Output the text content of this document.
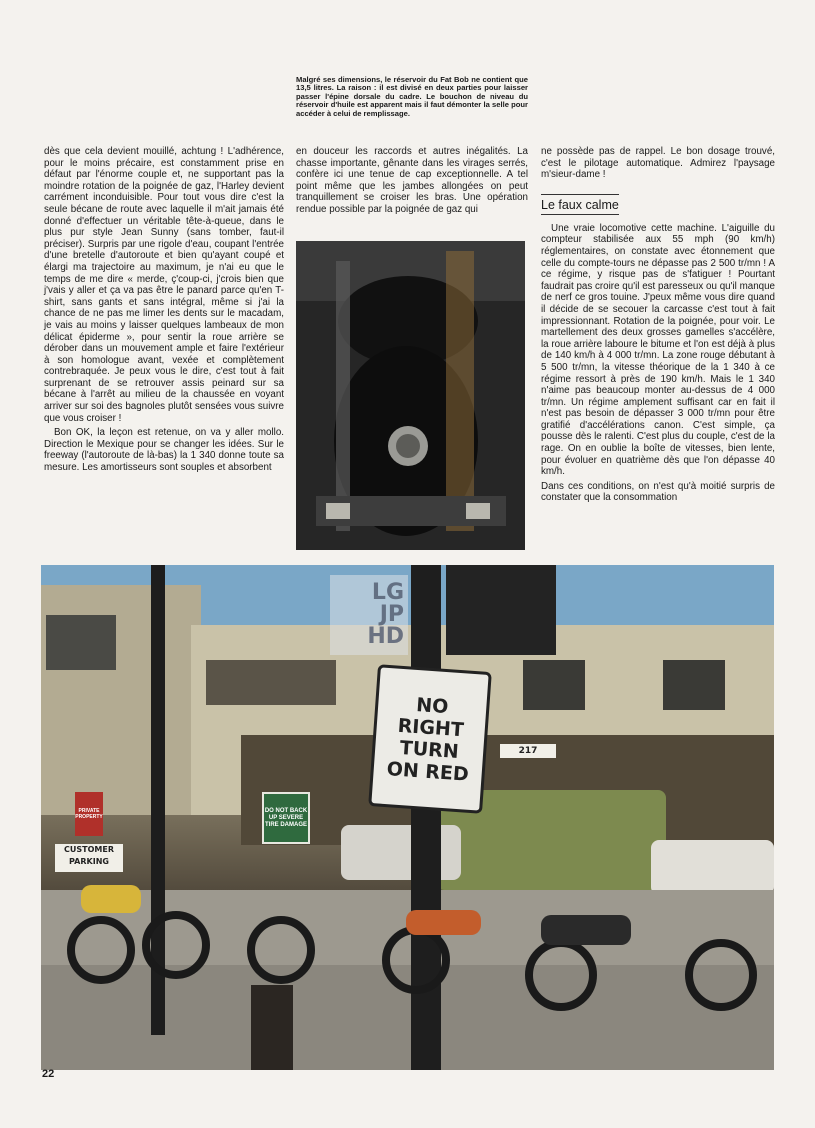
Malgré ses dimensions, le réservoir du Fat Bob ne contient que 13,5 litres. La raison : il est divisé en deux parties pour laisser passer l'épine dorsale du cadre. Le bouchon de niveau du réservoir d'huile est apparent mais il faut démonter la selle pour accéder à celui de remplissage.

dès que cela devient mouillé, achtung ! L'adhérence, pour le moins précaire, est constamment prise en défaut par l'énorme couple et, ne supportant pas la moindre rotation de la poignée de gaz, l'Harley devient carrément inconduisible. Pour tout vous dire c'est la seule bécane de route avec laquelle il m'ait jamais été donné d'effectuer un véritable tête-à-queue, dans le plus pur style Jean Sunny (sans tomber, faut-il préciser). Surpris par une rigole d'eau, coupant l'entrée d'une bretelle d'autoroute et bien qu'ayant coupé et élargi ma trajectoire au maximum, je n'ai eu que le temps de me dire « merde, ç'coup-ci, j'crois bien que j'vais y aller et ça va pas être le panard parce qu'en T-shirt, sans gants et sans intégral, même si j'ai la chance de ne pas me limer les dents sur le macadam, je vais au moins y laisser quelques lambeaux de mon délicat épiderme », pour sentir la roue arrière se dérober dans un mouvement ample et faire l'extérieur à son homologue avant, vexée et complètement contrebraquée. Je peux vous le dire, c'est tout à fait surprenant de se retrouver assis peinard sur sa bécane à l'arrêt au milieu de la chaussée en voyant arriver sur soi des bagnoles plutôt sensées vous suivre que vous croiser !

Bon OK, la leçon est retenue, on va y aller mollo. Direction le Mexique pour se changer les idées. Sur le freeway (l'autoroute de là-bas) la 1 340 donne toute sa mesure. Les amortisseurs sont souples et absorbent

en douceur les raccords et autres inégalités. La chasse importante, gênante dans les virages serrés, confère ici une tenue de cap exceptionnelle. A tel point même que les jambes allongées on peut tranquillement se croiser les bras. Une opération rendue possible par la poignée de gaz qui

ne possède pas de rappel. Le bon dosage trouvé, c'est le pilotage automatique. Admirez l'paysage m'sieur-dame !

Le faux calme

Une vraie locomotive cette machine. L'aiguille du compteur stabilisée aux 55 mph (90 km/h) réglementaires, on constate avec étonnement que celle du compte-tours ne dépasse pas 2 500 tr/mn ! A ce régime, y risque pas de s'fatiguer ! Pourtant faudrait pas croire qu'il est paresseux ou qu'il manque de nerf ce gros touine. J'peux même vous dire quand il décide de se secouer la carcasse c'est tout à fait impressionnant. Rotation de la poignée, pour voir. Le martellement des deux grosses gamelles s'accélère, la roue arrière laboure le bitume et l'on est déjà à plus de 140 km/h à 4 000 tr/mn. La zone rouge débutant à 5 500 tr/mn, la vitesse théorique de la 1 340 à ce régime ressort à près de 190 km/h. Mais le 1 340 n'aime pas beaucoup monter au-dessus de 4 000 tr/mn. Un régime amplement suffisant car en fait il n'est pas besoin de dépasser 3 000 tr/mn pour être gratifié d'accélérations canon. C'est simple, ça pousse dès le ralenti. C'est plus du couple, c'est de la rage. On en oublie la boîte de vitesses, bien lente, pour évoluer en quatrième dès que l'on dépasse 40 km/h.

Dans ces conditions, on n'est qu'à moitié surpris de constater que la consommation

LG
JP
HD
NO
RIGHT
TURN
ON RED
DO NOT BACK UP SEVERE TIRE DAMAGE
PRIVATE PROPERTY
CUSTOMER PARKING
217
22
